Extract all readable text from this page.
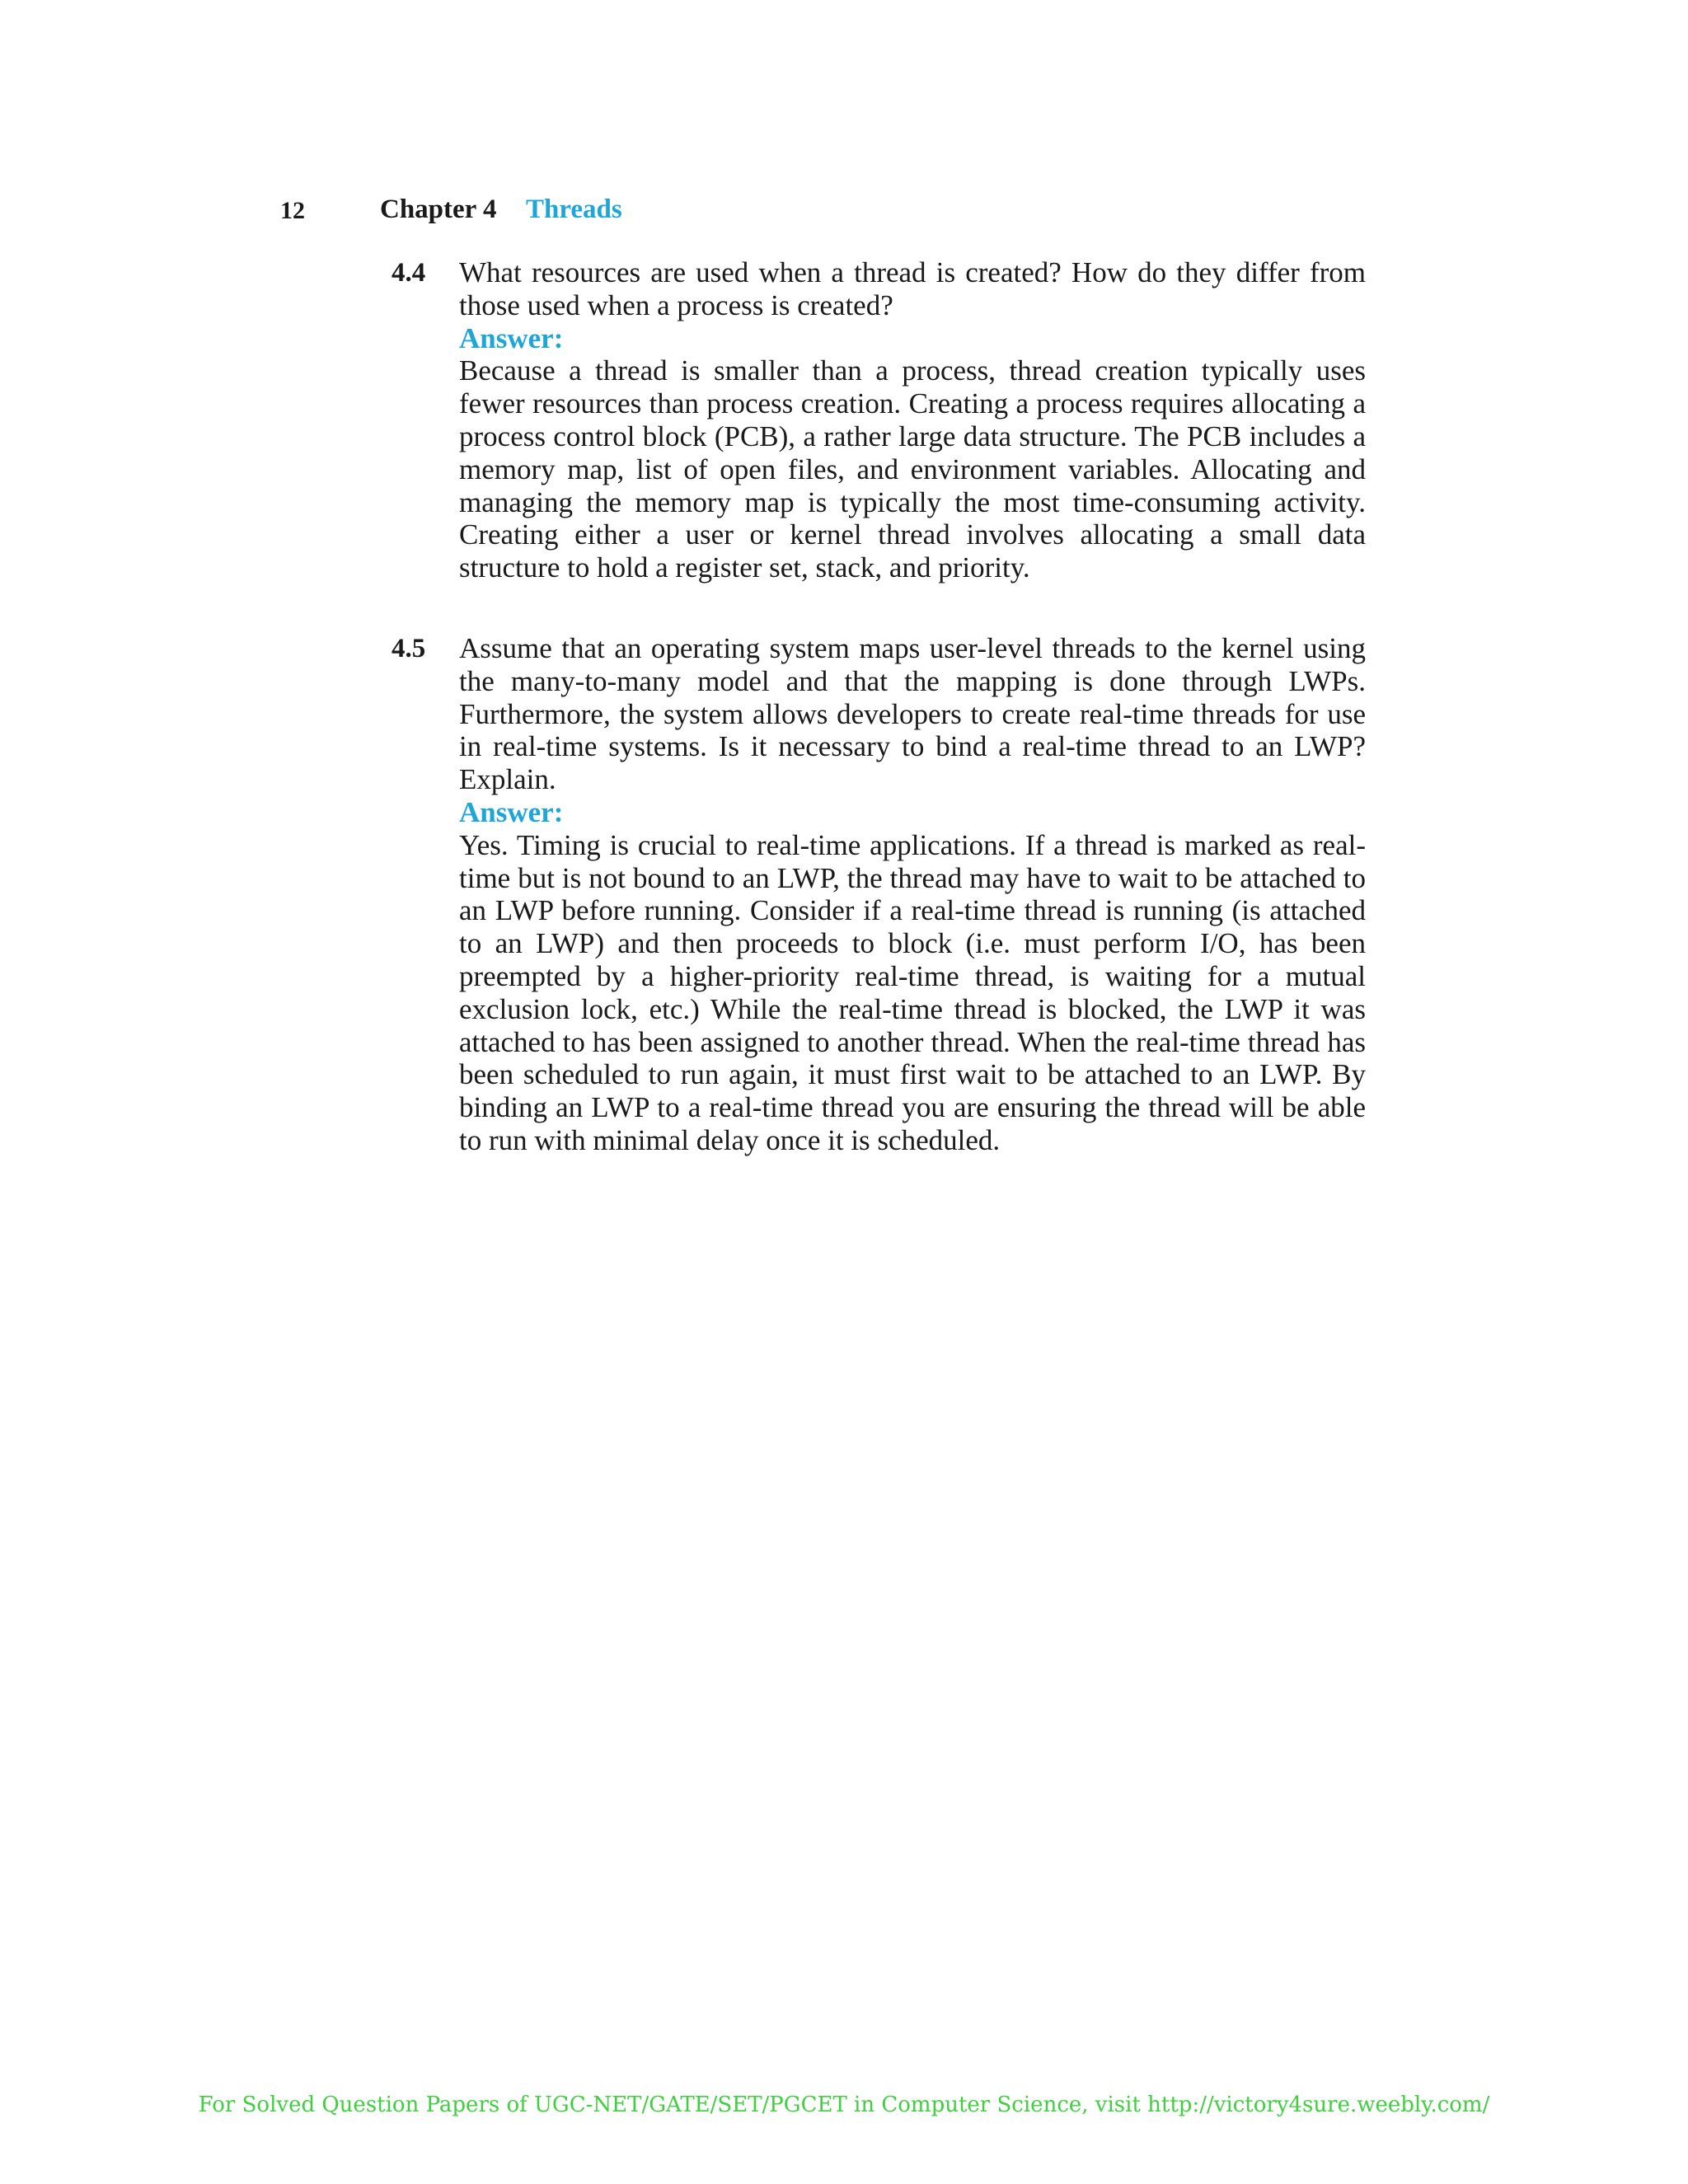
12	Chapter 4 Threads
4.4 What resources are used when a thread is created? How do they differ from those used when a process is created?

Answer:

Because a thread is smaller than a process, thread creation typically uses fewer resources than process creation. Creating a process requires allocating a process control block (PCB), a rather large data structure. The PCB includes a memory map, list of open files, and environment variables. Allocating and managing the memory map is typically the most time-consuming activity. Creating either a user or kernel thread involves allocating a small data structure to hold a register set, stack, and priority.

4.5 Assume that an operating system maps user-level threads to the kernel using the many-to-many model and that the mapping is done through LWPs. Furthermore, the system allows developers to create real-time threads for use in real-time systems. Is it necessary to bind a real-time thread to an LWP? Explain.

Answer:

Yes. Timing is crucial to real-time applications. If a thread is marked as real-time but is not bound to an LWP, the thread may have to wait to be attached to an LWP before running. Consider if a real-time thread is running (is attached to an LWP) and then proceeds to block (i.e. must perform I/O, has been preempted by a higher-priority real-time thread, is waiting for a mutual exclusion lock, etc.) While the real-time thread is blocked, the LWP it was attached to has been assigned to another thread. When the real-time thread has been scheduled to run again, it must first wait to be attached to an LWP. By binding an LWP to a real-time thread you are ensuring the thread will be able to run with minimal delay once it is scheduled.

For Solved Question Papers of UGC-NET/GATE/SET/PGCET in Computer Science, visit http://victory4sure.weebly.com/
